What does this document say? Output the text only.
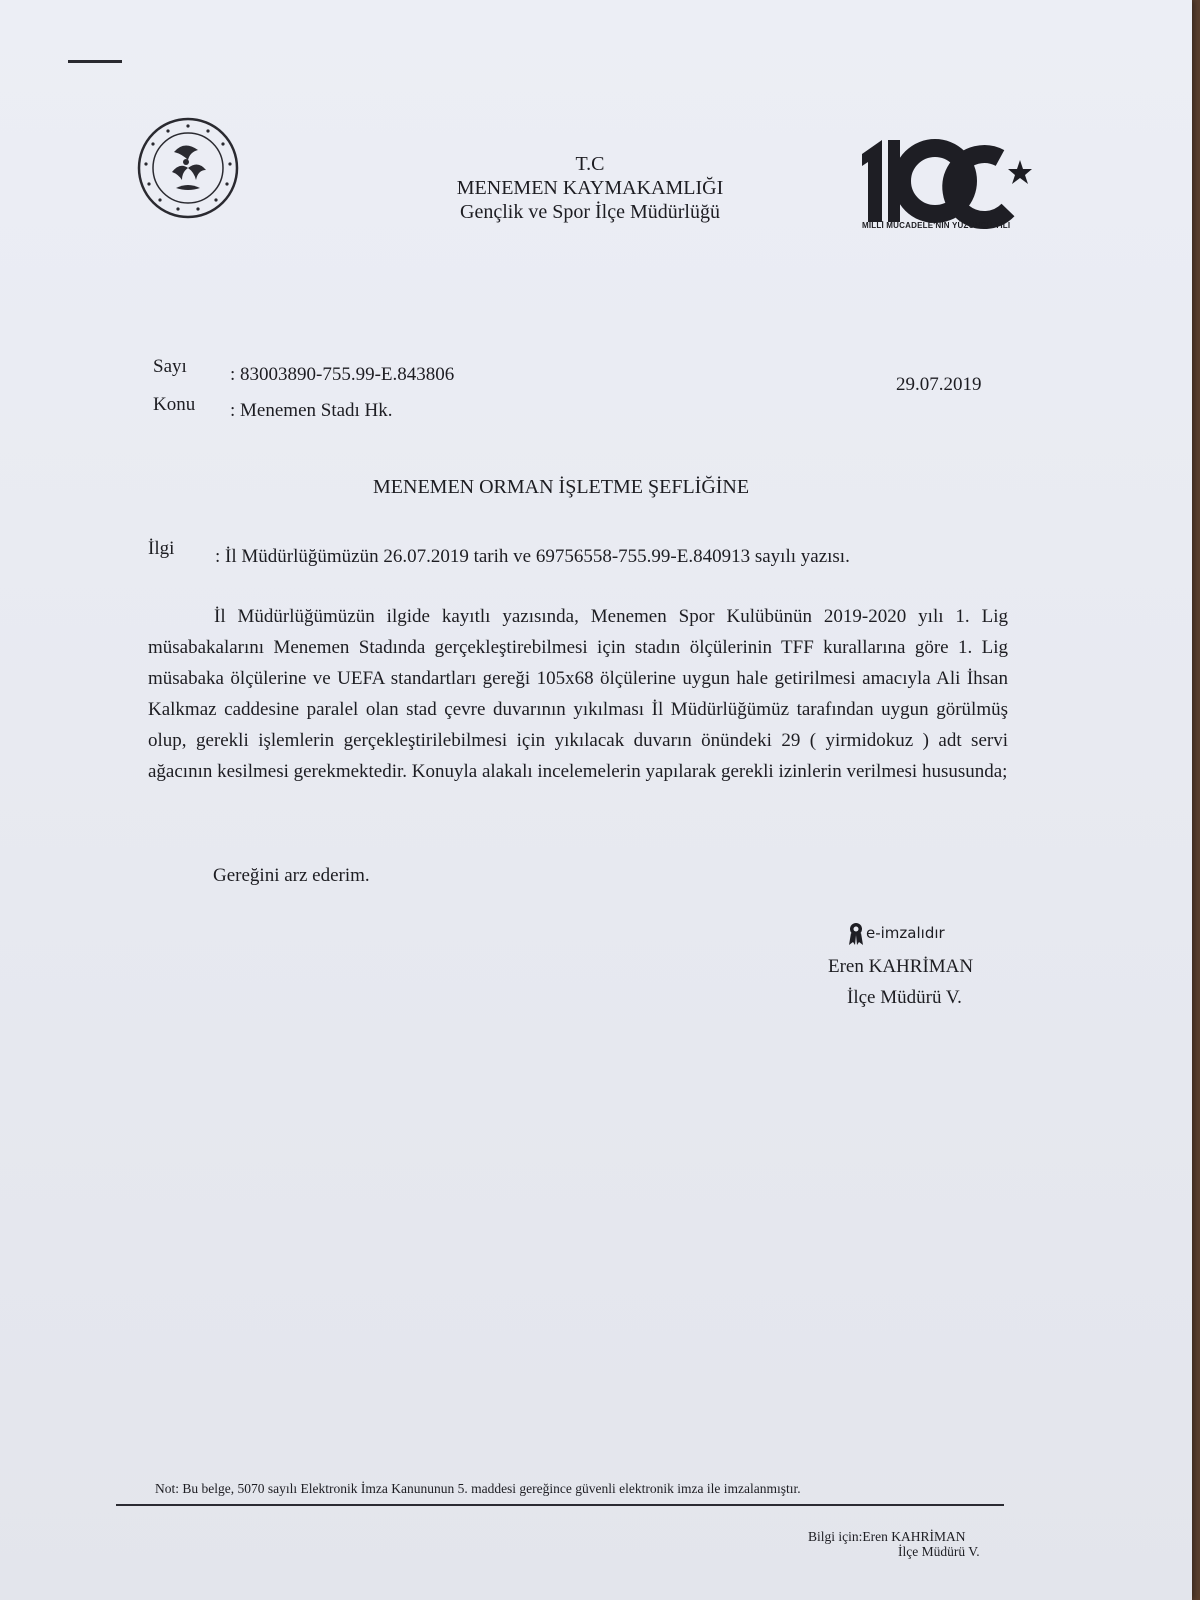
T.C
MENEMEN KAYMAKAMLIĞI
Gençlik ve Spor İlçe Müdürlüğü
MİLLİ MÜCADELE'NİN YÜZÜNCÜ YILI
Sayı : 83003890-755.99-E.843806
Konu : Menemen Stadı Hk.
29.07.2019
MENEMEN ORMAN İŞLETME ŞEFLİĞİNE
İlgi : İl Müdürlüğümüzün 26.07.2019 tarih ve 69756558-755.99-E.840913 sayılı yazısı.

İl Müdürlüğümüzün ilgide kayıtlı yazısında, Menemen Spor Kulübünün 2019-2020 yılı 1. Lig müsabakalarını Menemen Stadında gerçekleştirebilmesi için stadın ölçülerinin TFF kurallarına göre 1. Lig müsabaka ölçülerine ve UEFA standartları gereği 105x68 ölçülerine uygun hale getirilmesi amacıyla Ali İhsan Kalkmaz caddesine paralel olan stad çevre duvarının yıkılması İl Müdürlüğümüz tarafından uygun görülmüş olup, gerekli işlemlerin gerçekleştirilebilmesi için yıkılacak duvarın önündeki 29 ( yirmidokuz ) adt servi ağacının kesilmesi gerekmektedir. Konuyla alakalı incelemelerin yapılarak gerekli izinlerin verilmesi hususunda;

Gereğini arz ederim.
e-imzalıdır
Eren KAHRİMAN
İlçe Müdürü V.
Not: Bu belge, 5070 sayılı Elektronik İmza Kanununun 5. maddesi gereğince güvenli elektronik imza ile imzalanmıştır.
Bilgi için:Eren KAHRİMAN
İlçe Müdürü V.
